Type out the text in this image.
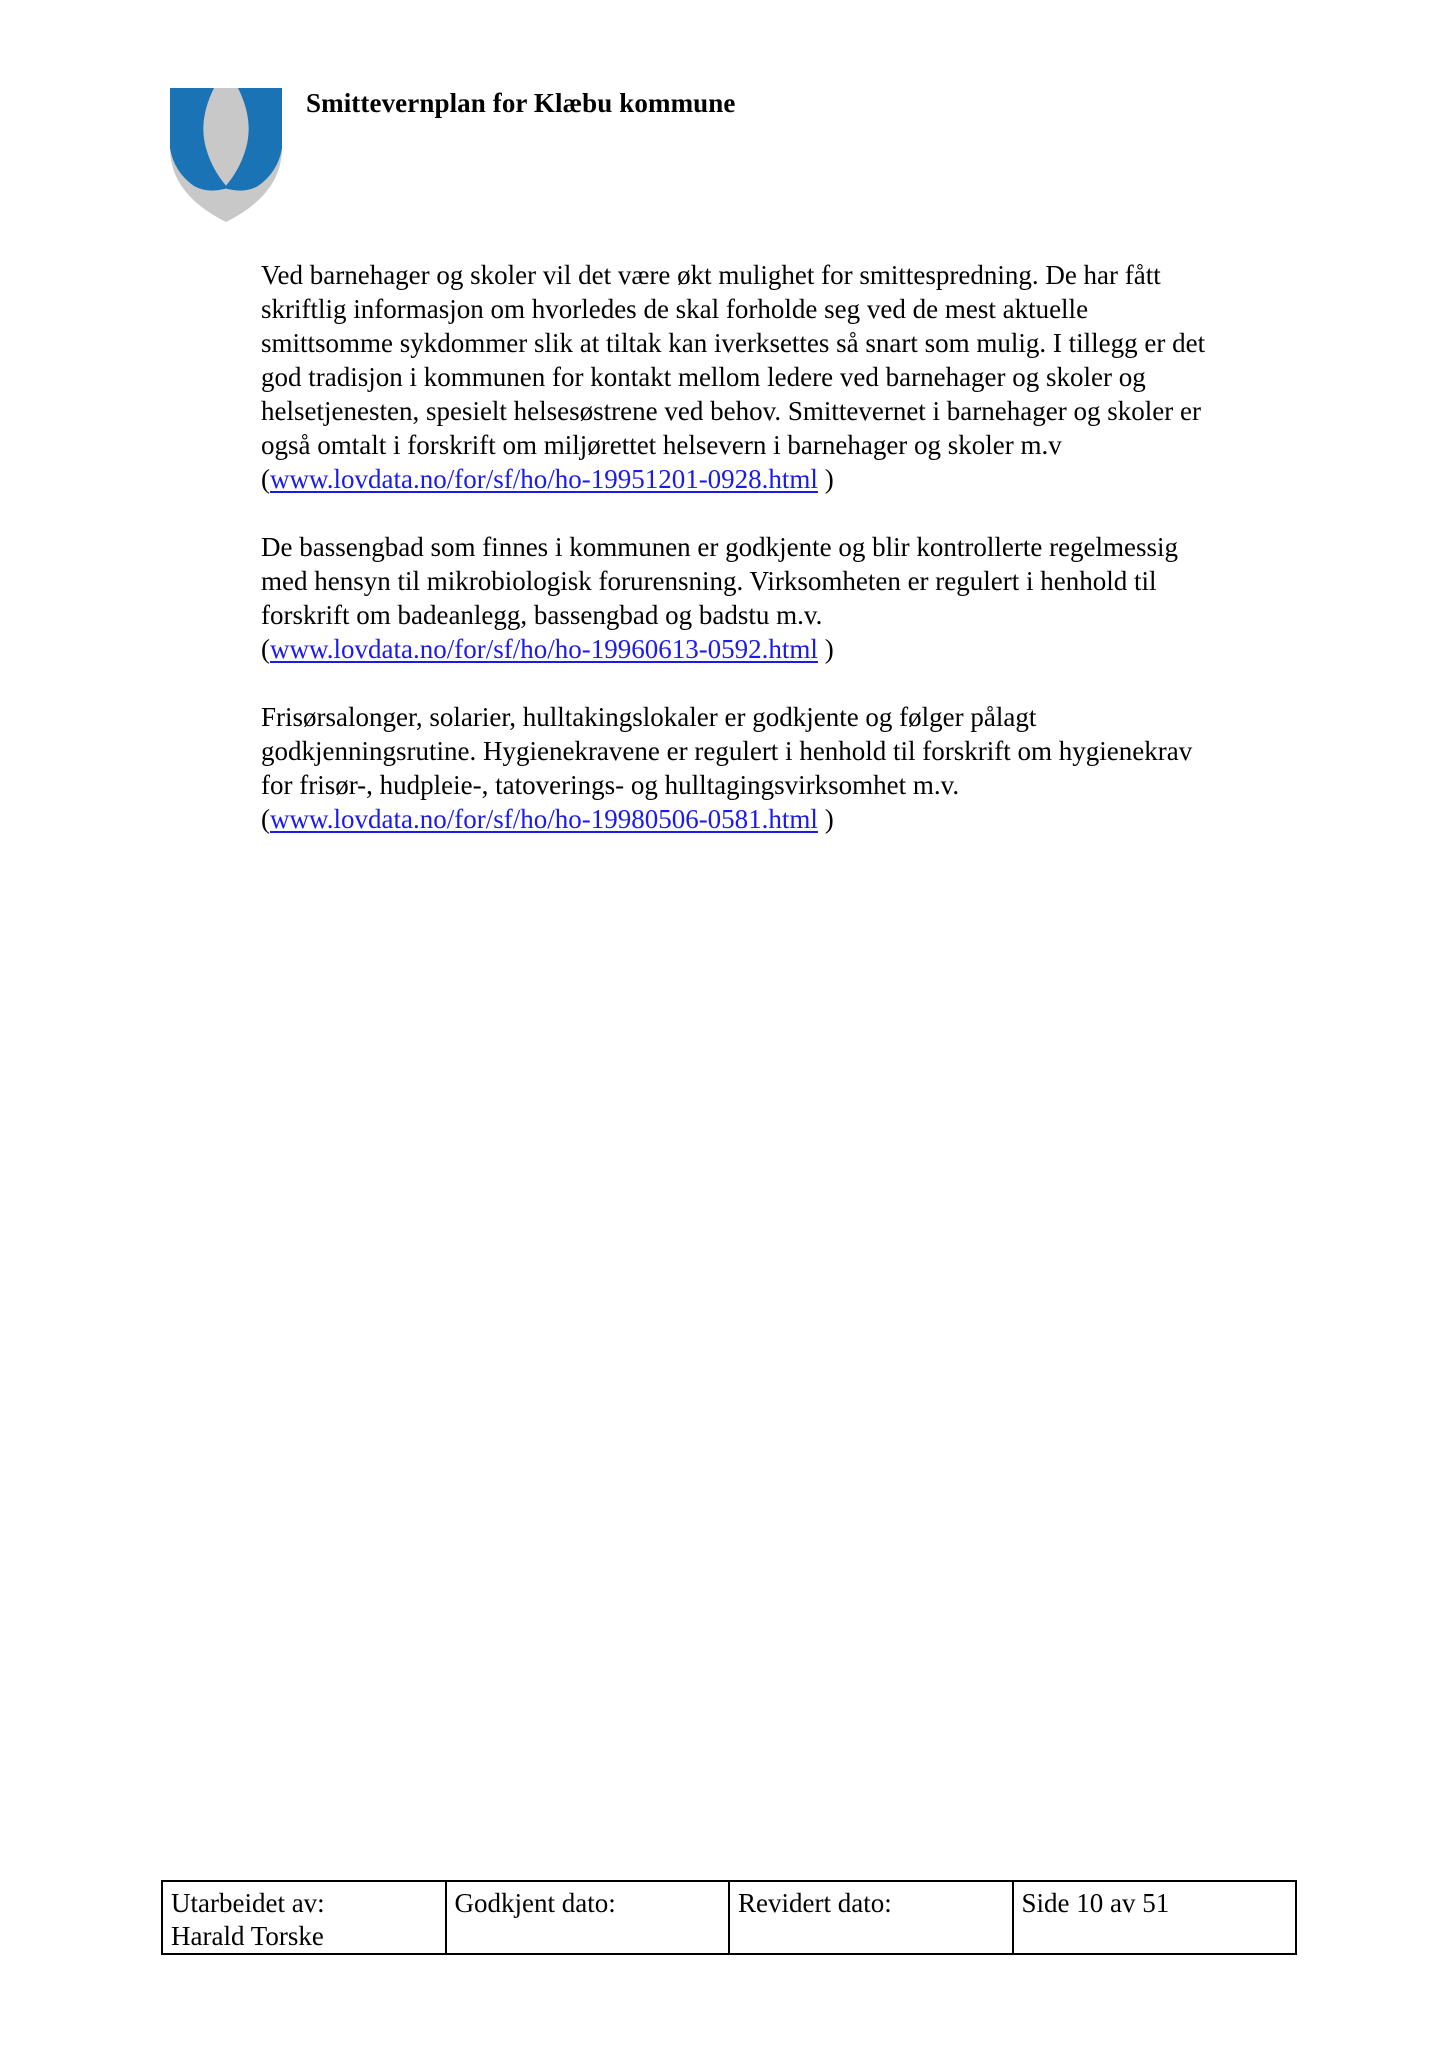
Smittevernplan for Klæbu kommune

Ved barnehager og skoler vil det være økt mulighet for smittespredning. De har fått
skriftlig informasjon om hvorledes de skal forholde seg ved de mest aktuelle
smittsomme sykdommer slik at tiltak kan iverksettes så snart som mulig. I tillegg er det
god tradisjon i kommunen for kontakt mellom ledere ved barnehager og skoler og
helsetjenesten, spesielt helsesøstrene ved behov. Smittevernet i barnehager og skoler er
også omtalt i forskrift om miljørettet helsevern i barnehager og skoler m.v
(www.lovdata.no/for/sf/ho/ho-19951201-0928.html )

De bassengbad som finnes i kommunen er godkjente og blir kontrollerte regelmessig
med hensyn til mikrobiologisk forurensning. Virksomheten er regulert i henhold til
forskrift om badeanlegg, bassengbad og badstu m.v.
(www.lovdata.no/for/sf/ho/ho-19960613-0592.html )

Frisørsalonger, solarier, hulltakingslokaler er godkjente og følger pålagt
godkjenningsrutine. Hygienekravene er regulert i henhold til forskrift om hygienekrav
for frisør-, hudpleie-, tatoverings- og hulltagingsvirksomhet m.v.
(www.lovdata.no/for/sf/ho/ho-19980506-0581.html )

Utarbeidet av:
Harald Torske

Godkjent dato:	Revidert dato:	Side 10 av 51
